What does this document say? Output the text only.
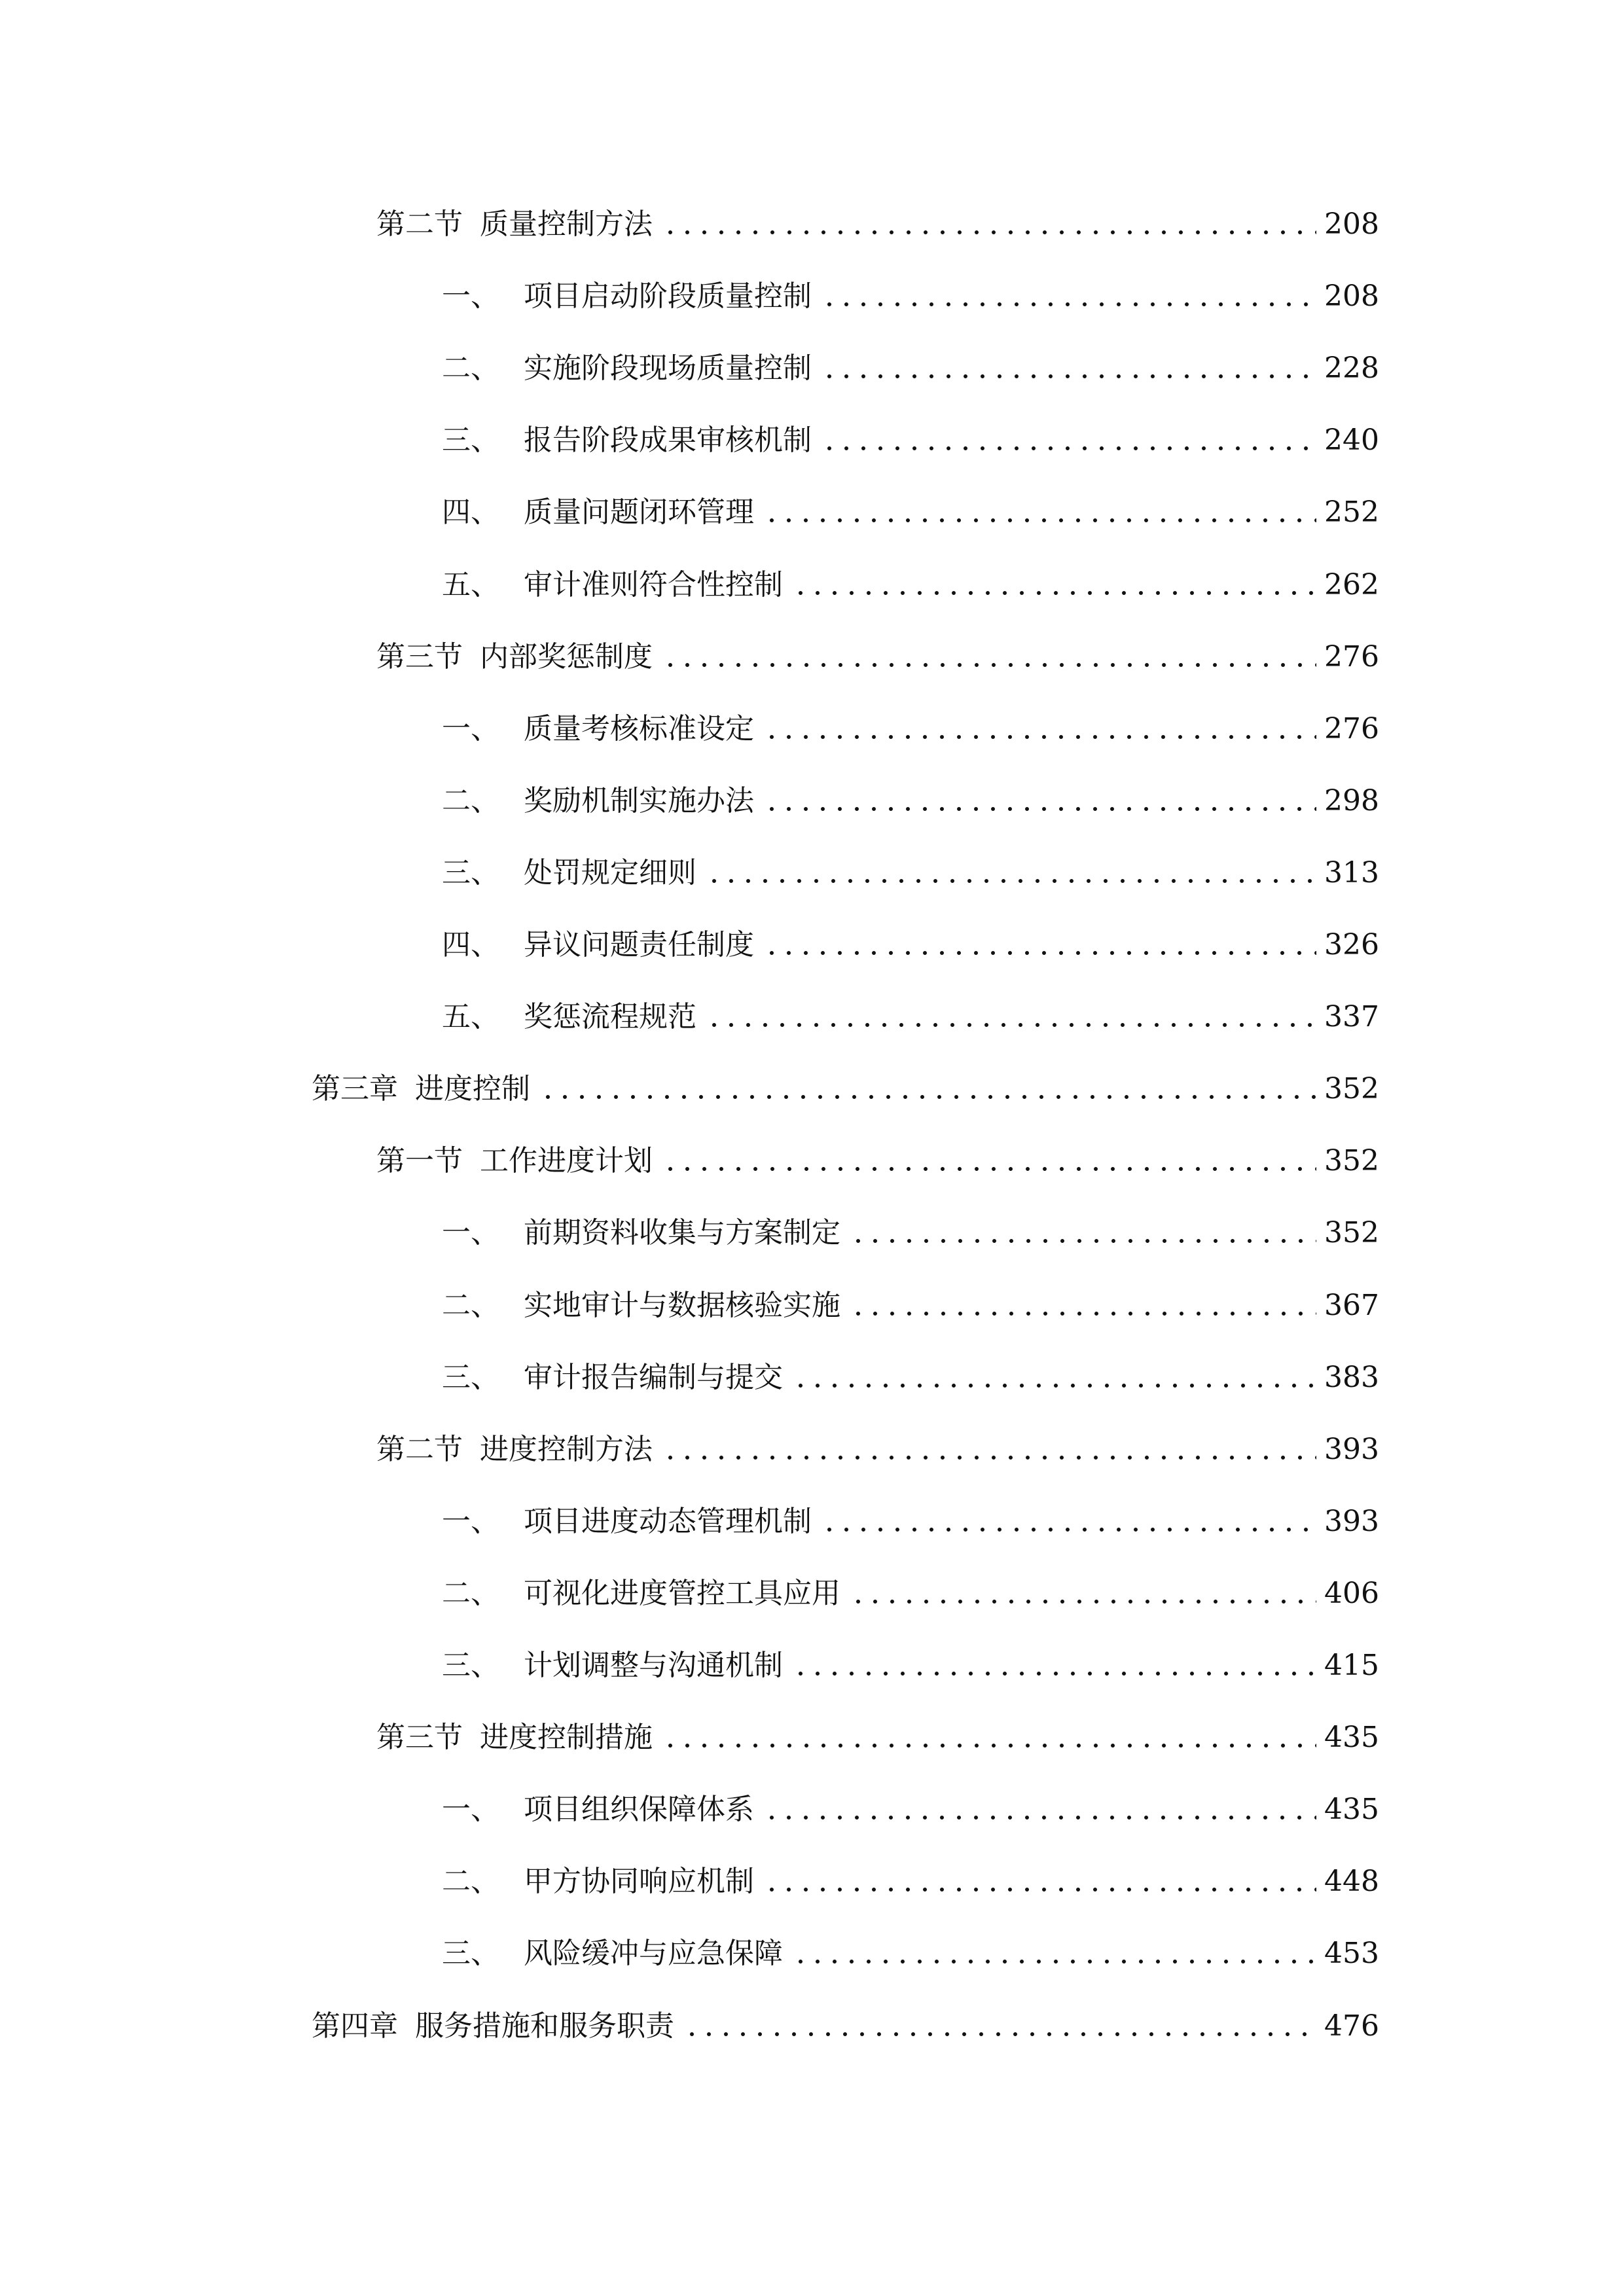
第二节 质量控制方法	208
一、 项目启动阶段质量控制	208
二、 实施阶段现场质量控制	228
三、 报告阶段成果审核机制	240
四、 质量问题闭环管理	252
五、 审计准则符合性控制	262
第三节 内部奖惩制度	276
一、 质量考核标准设定	276
二、 奖励机制实施办法	298
三、 处罚规定细则	313
四、 异议问题责任制度	326
五、 奖惩流程规范	337
第三章 进度控制	352
第一节 工作进度计划	352
一、 前期资料收集与方案制定	352
二、 实地审计与数据核验实施	367
三、 审计报告编制与提交	383
第二节 进度控制方法	393
一、 项目进度动态管理机制	393
二、 可视化进度管控工具应用	406
三、 计划调整与沟通机制	415
第三节 进度控制措施	435
一、 项目组织保障体系	435
二、 甲方协同响应机制	448
三、 风险缓冲与应急保障	453
第四章 服务措施和服务职责	476
